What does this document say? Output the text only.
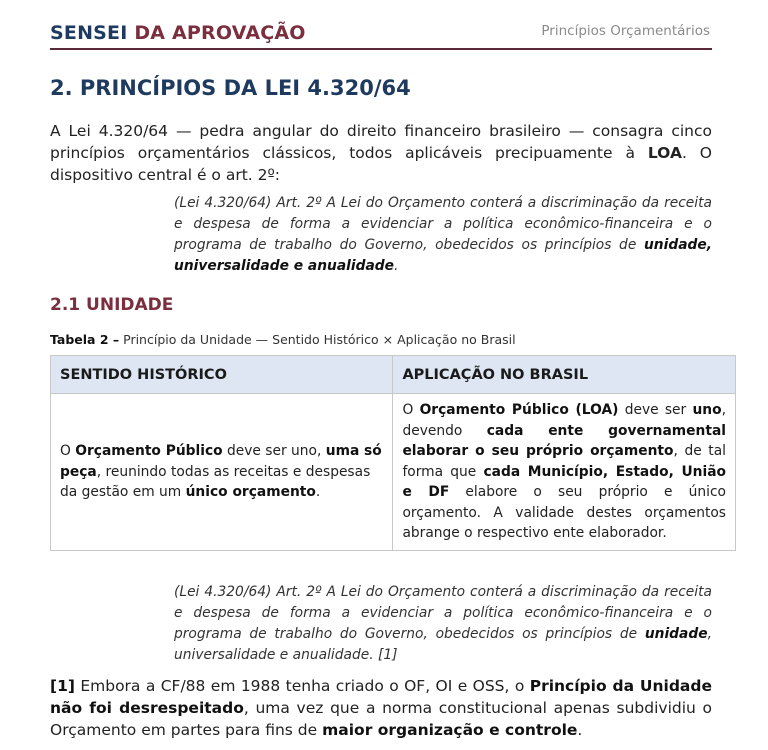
SENSEI DA APROVAÇÃO	Princípios Orçamentários
2. PRINCÍPIOS DA LEI 4.320/64

A Lei 4.320/64 — pedra angular do direito financeiro brasileiro — consagra cinco princípios orçamentários clássicos, todos aplicáveis precipuamente à LOA. O dispositivo central é o art. 2º:

(Lei 4.320/64) Art. 2º A Lei do Orçamento conterá a discriminação da receita e despesa de forma a evidenciar a política econômico-financeira e o programa de trabalho do Governo, obedecidos os princípios de unidade, universalidade e anualidade.

2.1 UNIDADE

Tabela 2 – Princípio da Unidade — Sentido Histórico × Aplicação no Brasil

SENTIDO HISTÓRICO	APLICAÇÃO NO BRASIL
O Orçamento Público deve ser uno, uma só peça, reunindo todas as receitas e despesas da gestão em um único orçamento.	O Orçamento Público (LOA) deve ser uno, devendo cada ente governamental elaborar o seu próprio orçamento, de tal forma que cada Município, Estado, União e DF elabore o seu próprio e único orçamento. A validade destes orçamentos abrange o respectivo ente elaborador.

(Lei 4.320/64) Art. 2º A Lei do Orçamento conterá a discriminação da receita e despesa de forma a evidenciar a política econômico-financeira e o programa de trabalho do Governo, obedecidos os princípios de unidade, universalidade e anualidade. [1]

[1] Embora a CF/88 em 1988 tenha criado o OF, OI e OSS, o Princípio da Unidade não foi desrespeitado, uma vez que a norma constitucional apenas subdividiu o Orçamento em partes para fins de maior organização e controle.
